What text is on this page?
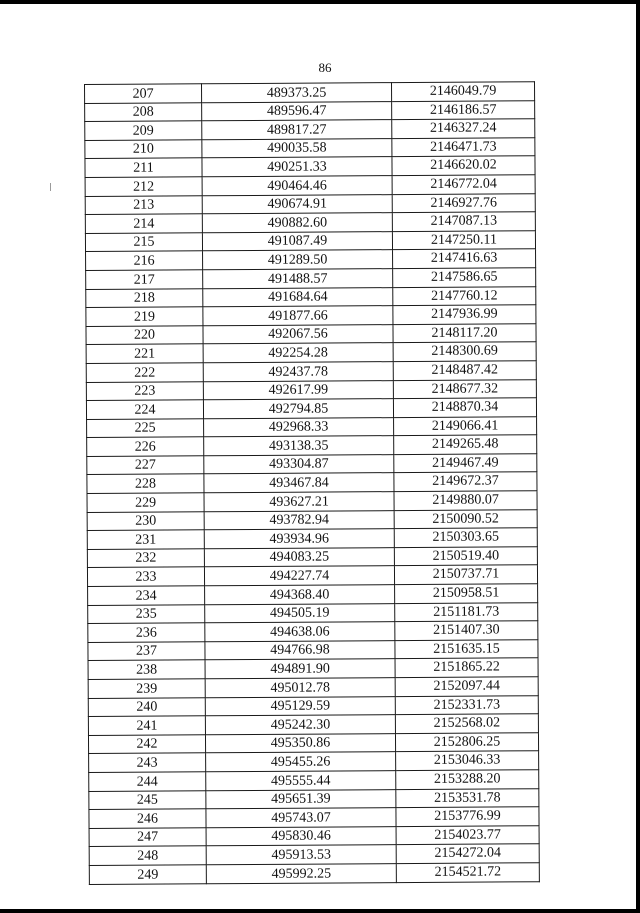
86
207	489373.25	2146049.79
208	489596.47	2146186.57
209	489817.27	2146327.24
210	490035.58	2146471.73
211	490251.33	2146620.02
212	490464.46	2146772.04
213	490674.91	2146927.76
214	490882.60	2147087.13
215	491087.49	2147250.11
216	491289.50	2147416.63
217	491488.57	2147586.65
218	491684.64	2147760.12
219	491877.66	2147936.99
220	492067.56	2148117.20
221	492254.28	2148300.69
222	492437.78	2148487.42
223	492617.99	2148677.32
224	492794.85	2148870.34
225	492968.33	2149066.41
226	493138.35	2149265.48
227	493304.87	2149467.49
228	493467.84	2149672.37
229	493627.21	2149880.07
230	493782.94	2150090.52
231	493934.96	2150303.65
232	494083.25	2150519.40
233	494227.74	2150737.71
234	494368.40	2150958.51
235	494505.19	2151181.73
236	494638.06	2151407.30
237	494766.98	2151635.15
238	494891.90	2151865.22
239	495012.78	2152097.44
240	495129.59	2152331.73
241	495242.30	2152568.02
242	495350.86	2152806.25
243	495455.26	2153046.33
244	495555.44	2153288.20
245	495651.39	2153531.78
246	495743.07	2153776.99
247	495830.46	2154023.77
248	495913.53	2154272.04
249	495992.25	2154521.72
